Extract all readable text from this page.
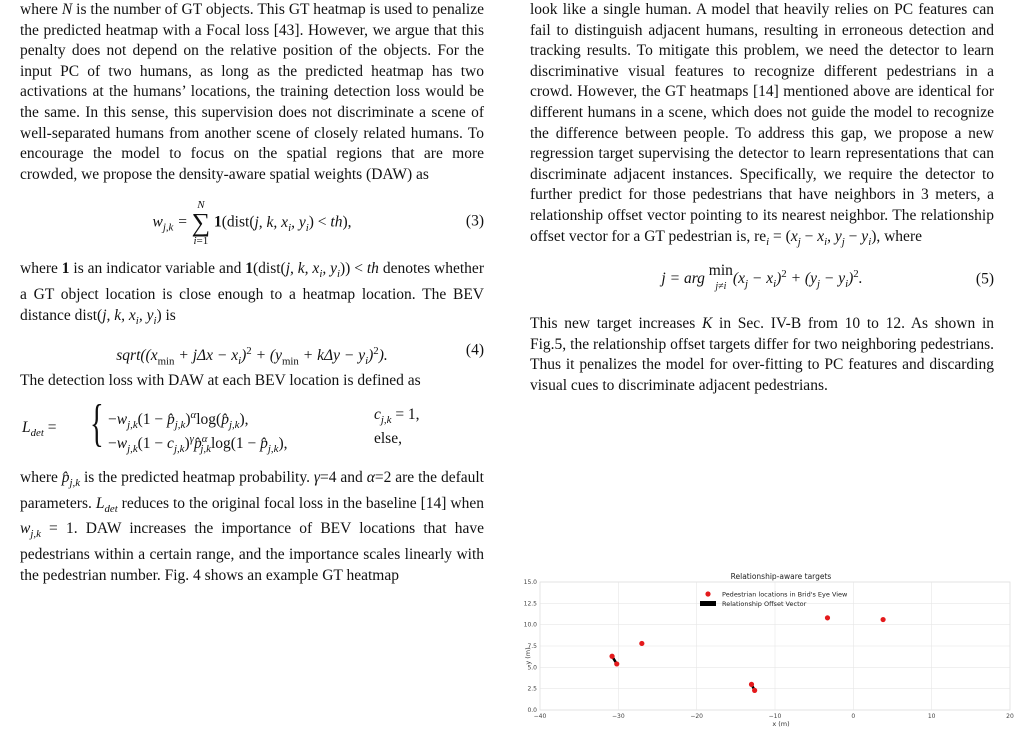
where N is the number of GT objects. This GT heatmap is used to penalize the predicted heatmap with a Focal loss [43]. However, we argue that this penalty does not depend on the relative position of the objects. For the input PC of two humans, as long as the predicted heatmap has two activations at the humans’ locations, the training detection loss would be the same. In this sense, this supervision does not discriminate a scene of well-separated humans from another scene of closely related humans. To encourage the model to focus on the spatial regions that are more crowded, we propose the density-aware spatial weights (DAW) as

$w_{j,k}$ =
N
∑
i=1
1(dist(j, k, $x_i$, $y_i) < th$),	(3)

where 1 is an indicator variable and 1(dist(j, k, $x_i$, $y_i$)) < th denotes whether a GT object location is close enough to a heatmap location. The BEV distance dist(j, k, $x_i$, $y_i$) is

$sqrt((x_{min} + j\Delta x - x_i)^2 + (y_{min} + k\Delta y - y_i)^2)$.	(4)

The detection loss with DAW at each BEV location is defined as

$L_{det}$ = { $-w_{j,k}(1$ − $p̂_{j,k})^\alpha\log(p̂_{j,k})$,	$c_{j,k} = 1$,
$-w_{j,k}(1$ − $c_{j,k})^\gamma p̂^\alpha_{j,k}\log(1$ − $p̂_{j,k}$),	else,

where $p̂_{j,k}$ is the predicted heatmap probability. γ=4 and α=2 are the default parameters. $L_{det}$ reduces to the original focal loss in the baseline [14] when $w_{j,k} = 1$. DAW increases the importance of BEV locations that have pedestrians within a certain range, and the importance scales linearly with the pedestrian number. Fig. 4 shows an example GT heatmap

look like a single human. A model that heavily relies on PC features can fail to distinguish adjacent humans, resulting in erroneous detection and tracking results. To mitigate this problem, we need the detector to learn discriminative visual features to recognize different pedestrians in a crowd. However, the GT heatmaps [14] mentioned above are identical for different humans in a scene, which does not guide the model to recognize the difference between people. To address this gap, we propose a new regression target supervising the detector to learn representations that can discriminate adjacent instances. Specifically, we require the detector to further predict for those pedestrians that have neighbors in 3 meters, a relationship offset vector pointing to its nearest neighbor. The relationship offset vector for a GT pedestrian is, $re_i = (x_j - x_i$, $y_j - y_i$), where

j = arg min
j≠i $(x_j - x_i)^2 + (y_j - y_i)^2$.	(5)

This new target increases K in Sec. IV-B from 10 to 12. As shown in Fig.5, the relationship offset targets differ for two neighboring pedestrians. Thus it penalizes the model for over-fitting to PC features and discarding visual cues to discriminate adjacent pedestrians.

Relationship-aware targets
−40	−30	−20	−10	0	10	20
0.0
2.5
5.0
7.5
10.0
12.5
15.0
x (m)
y (m)
Pedestrian locations in Brid's Eye View
Relationship Offset Vector
